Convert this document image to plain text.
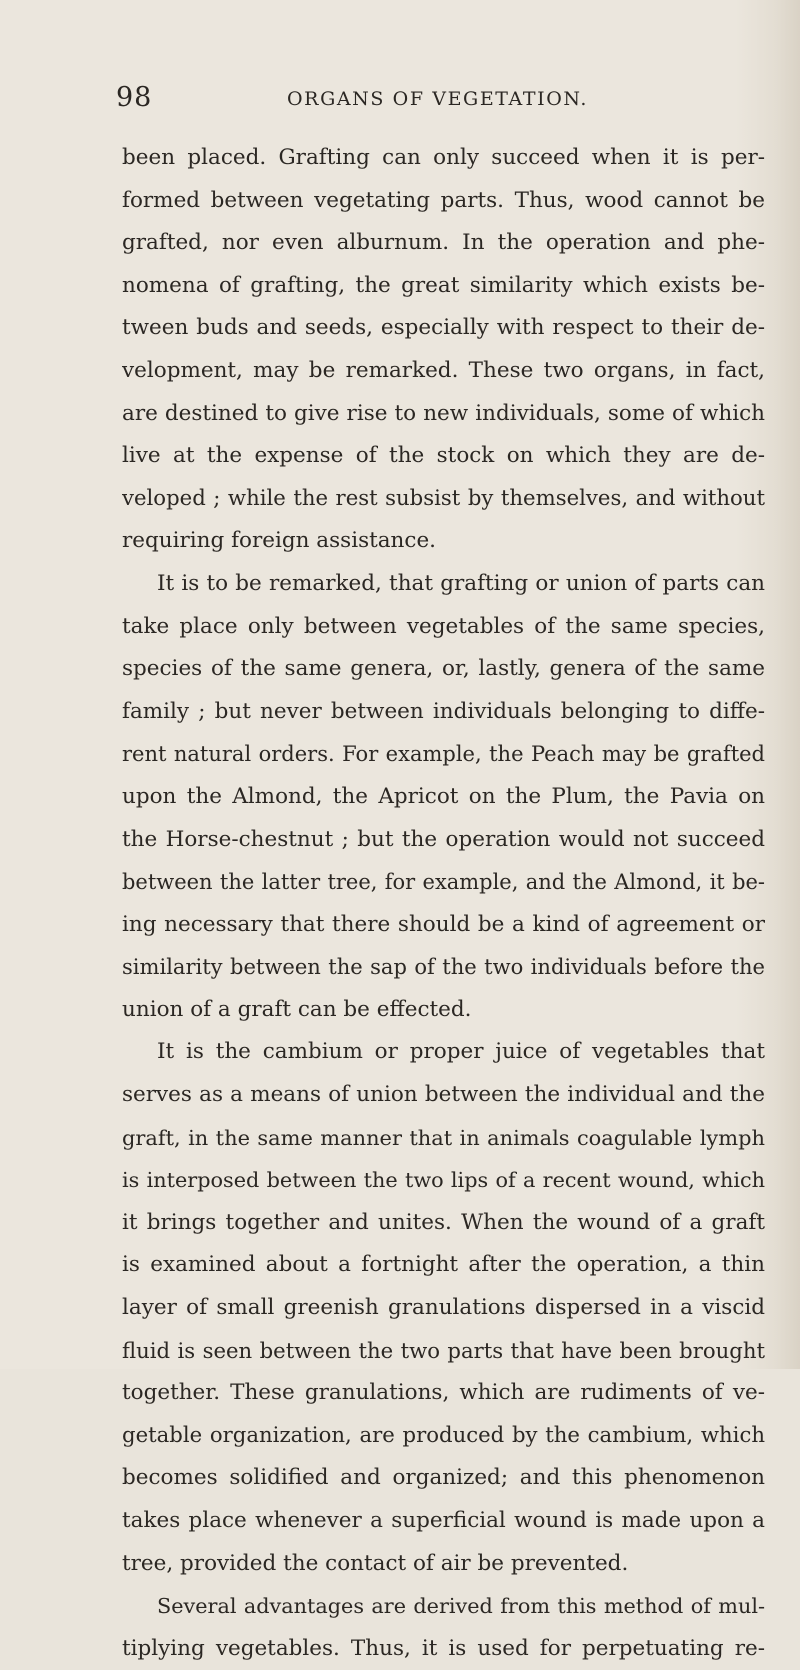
98	ORGANS OF VEGETATION.
been placed. Grafting can only succeed when it is per-
formed between vegetating parts. Thus, wood cannot be
grafted, nor even alburnum. In the operation and phe-
nomena of grafting, the great similarity which exists be-
tween buds and seeds, especially with respect to their de-
velopment, may be remarked. These two organs, in fact,
are destined to give rise to new individuals, some of which
live at the expense of the stock on which they are de-
veloped ; while the rest subsist by themselves, and without
requiring foreign assistance.
It is to be remarked, that grafting or union of parts can
take place only between vegetables of the same species,
species of the same genera, or, lastly, genera of the same
family ; but never between individuals belonging to diffe-
rent natural orders. For example, the Peach may be grafted
upon the Almond, the Apricot on the Plum, the Pavia on
the Horse-chestnut ; but the operation would not succeed
between the latter tree, for example, and the Almond, it be-
ing necessary that there should be a kind of agreement or
similarity between the sap of the two individuals before the
union of a graft can be effected.
It is the cambium or proper juice of vegetables that
serves as a means of union between the individual and the
graft, in the same manner that in animals coagulable lymph
is interposed between the two lips of a recent wound, which
it brings together and unites. When the wound of a graft
is examined about a fortnight after the operation, a thin
layer of small greenish granulations dispersed in a viscid
fluid is seen between the two parts that have been brought
together. These granulations, which are rudiments of ve-
getable organization, are produced by the cambium, which
becomes solidified and organized; and this phenomenon
takes place whenever a superficial wound is made upon a
tree, provided the contact of air be prevented.
Several advantages are derived from this method of mul-
tiplying vegetables. Thus, it is used for perpetuating re-
